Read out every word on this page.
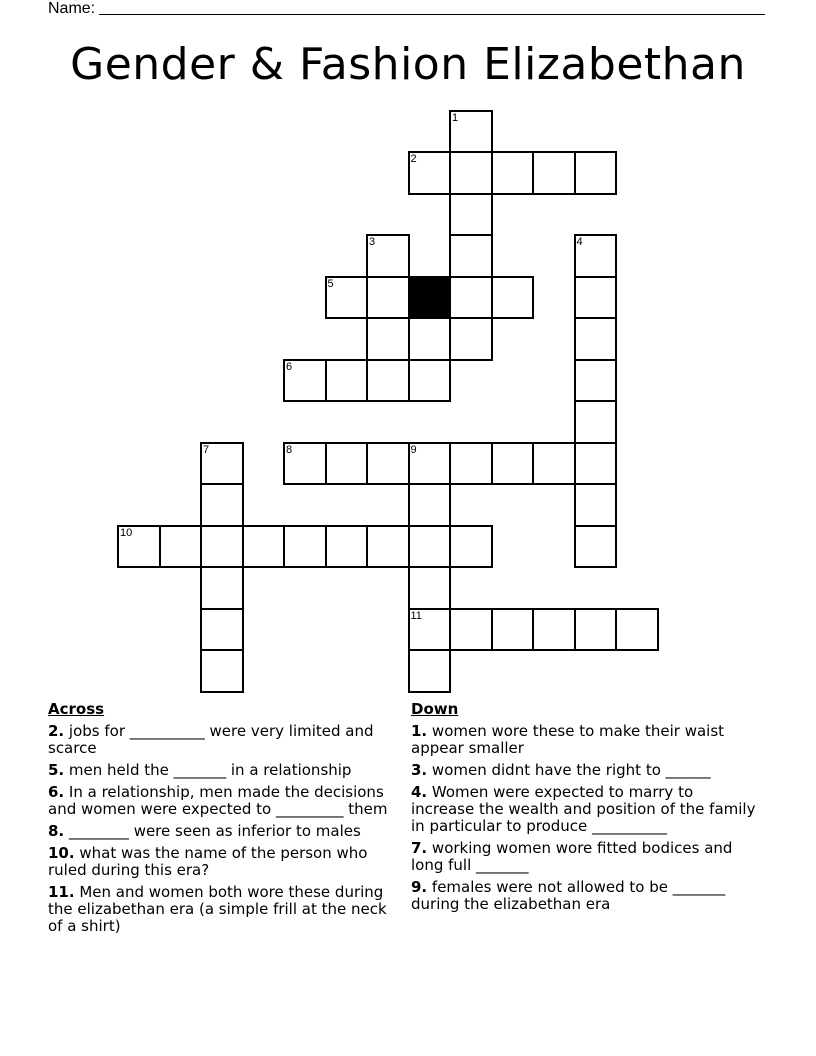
Name:
Gender & Fashion Elizabethan
1
2
3	4
5
6
7	8	9
10
11
Across
2. jobs for __________ were very limited and scarce
5. men held the _______ in a relationship
6. In a relationship, men made the decisions and women were expected to _________ them
8. ________ were seen as inferior to males
10. what was the name of the person who ruled during this era?
11. Men and women both wore these during the elizabethan era (a simple frill at the neck of a shirt)
Down
1. women wore these to make their waist appear smaller
3. women didnt have the right to ______
4. Women were expected to marry to increase the wealth and position of the family in particular to produce __________
7. working women wore fitted bodices and long full _______
9. females were not allowed to be _______ during the elizabethan era
